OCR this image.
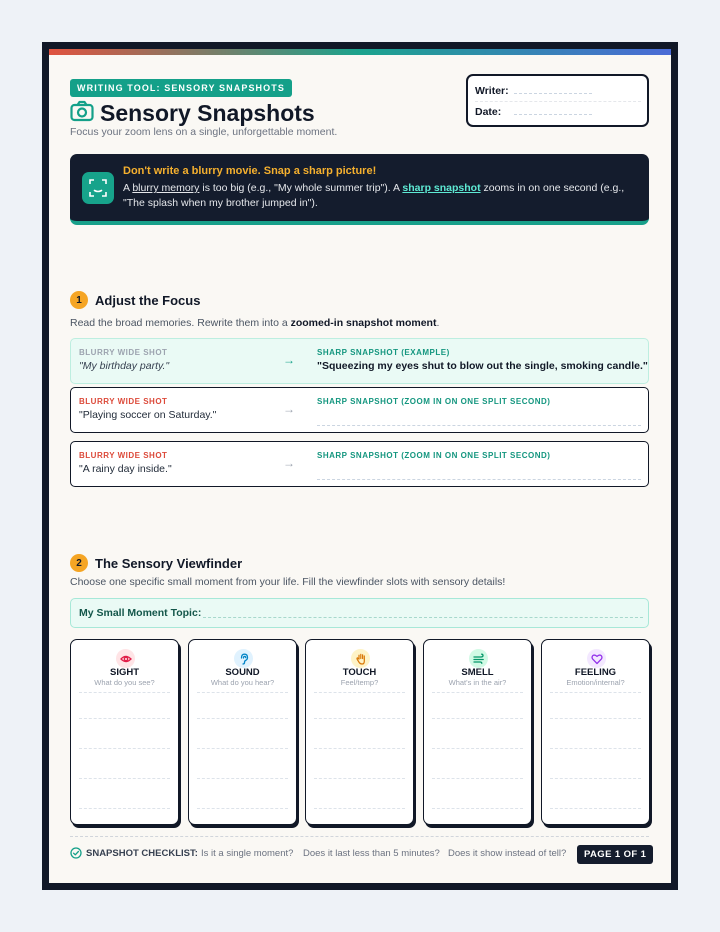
WRITING TOOL: SENSORY SNAPSHOTS
Sensory Snapshots
Focus your zoom lens on a single, unforgettable moment.
Writer:
Date:
Don't write a blurry movie. Snap a sharp picture!
A blurry memory is too big (e.g., "My whole summer trip"). A sharp snapshot zooms in on one second (e.g., "The splash when my brother jumped in").
1	Adjust the Focus
Read the broad memories. Rewrite them into a zoomed-in snapshot moment.
BLURRY WIDE SHOT
"My birthday party."	→
SHARP SNAPSHOT (EXAMPLE)
"Squeezing my eyes shut to blow out the single, smoking candle."
BLURRY WIDE SHOT
"Playing soccer on Saturday."	→
SHARP SNAPSHOT (ZOOM IN ON ONE SPLIT SECOND)
BLURRY WIDE SHOT
"A rainy day inside."	→
SHARP SNAPSHOT (ZOOM IN ON ONE SPLIT SECOND)
2	The Sensory Viewfinder
Choose one specific small moment from your life. Fill the viewfinder slots with sensory details!
My Small Moment Topic:
SIGHT
What do you see?
SOUND
What do you hear?
TOUCH
Feel/temp?
SMELL
What's in the air?
FEELING
Emotion/internal?
SNAPSHOT CHECKLIST: Is it a single moment? Does it last less than 5 minutes? Does it show instead of tell?	PAGE 1 OF 1
